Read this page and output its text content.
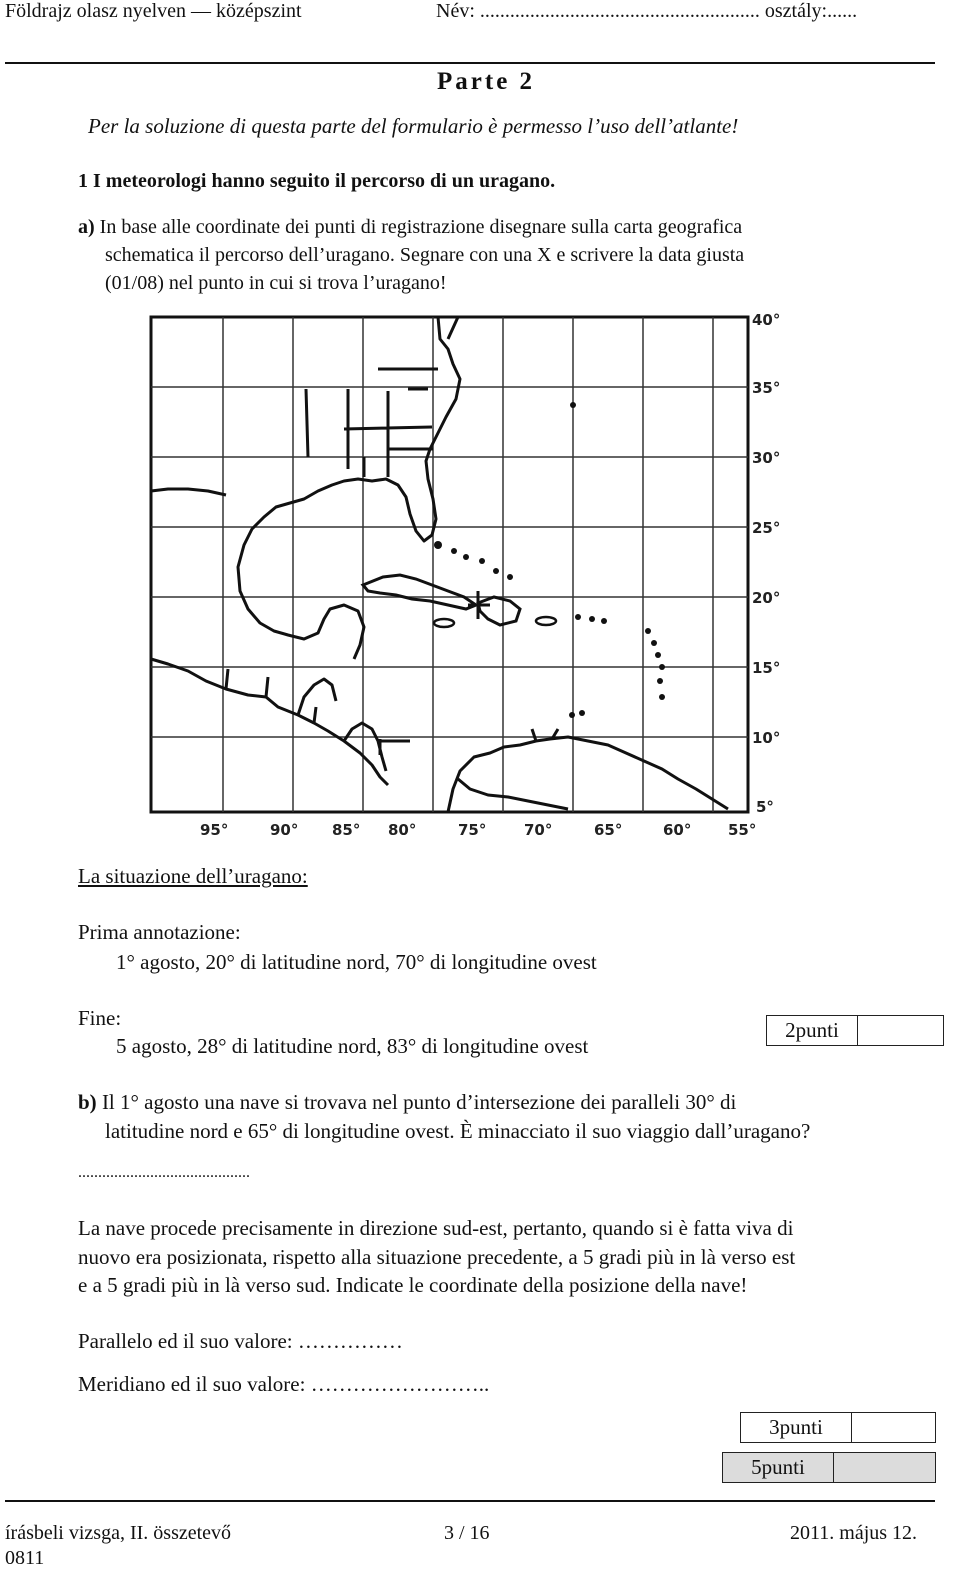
Földrajz olasz nyelven — középszint	Név: ........................................................ osztály:......
Parte 2
Per la soluzione di questa parte del formulario è permesso l’uso dell’atlante!
1 I meteorologi hanno seguito il percorso di un uragano.
a) In base alle coordinate dei punti di registrazione disegnare sulla carta geografica
schematica il percorso dell’uragano. Segnare con una X e scrivere la data giusta
(01/08) nel punto in cui si trova l’uragano!
40°
35°
30°
25°
20°
15°
10°
5°
95°	90° 85° 80°	75°	70°	65°	60° 55°
La situazione dell’uragano:
Prima annotazione:
1° agosto, 20° di latitudine nord, 70° di longitudine ovest
Fine:
5 agosto, 28° di latitudine nord, 83° di longitudine ovest
2punti
b) Il 1° agosto una nave si trovava nel punto d’intersezione dei paralleli 30° di
latitudine nord e 65° di longitudine ovest. È minacciato il suo viaggio dall’uragano?
...........................................
La nave procede precisamente in direzione sud-est, pertanto, quando si è fatta viva di
nuovo era posizionata, rispetto alla situazione precedente, a 5 gradi più in là verso est
e a 5 gradi più in là verso sud. Indicate le coordinate della posizione della nave!
Parallelo ed il suo valore: ……………
Meridiano ed il suo valore: ……………………..
3punti
5punti
írásbeli vizsga, II. összetevő
0811
3 / 16	2011. május 12.
